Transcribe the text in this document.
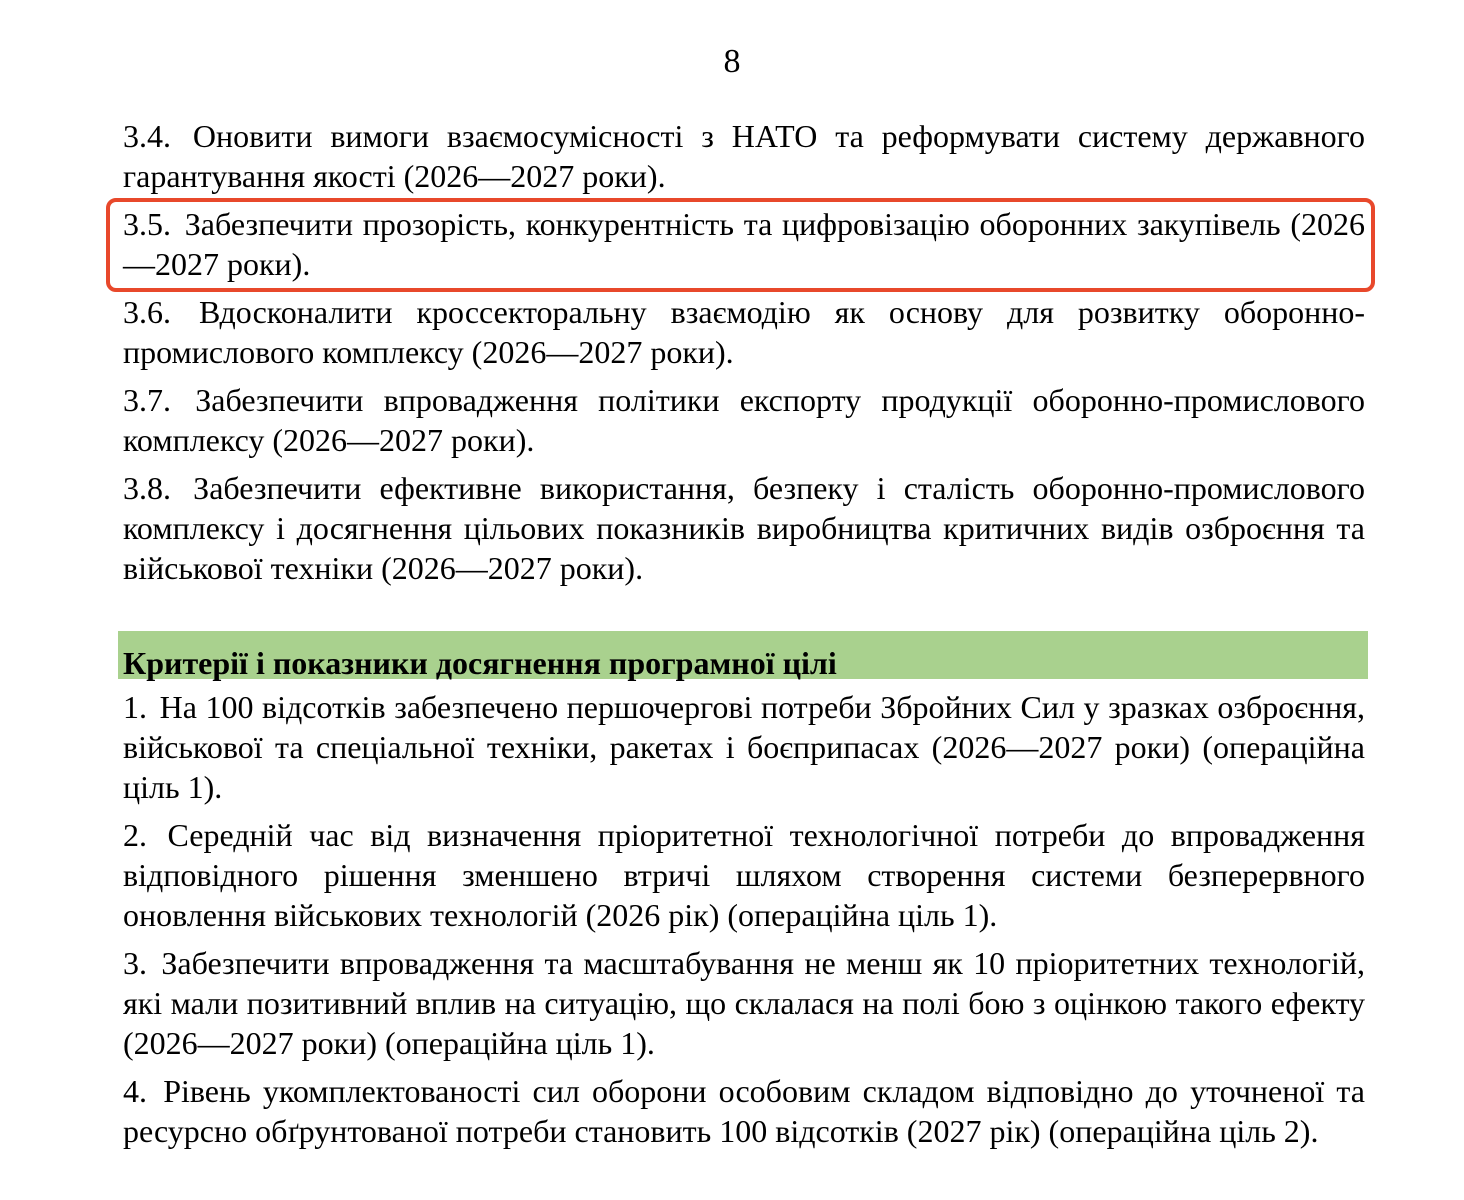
8

3.4. Оновити вимоги взаємосумісності з НАТО та реформувати систему державного гарантування якості (2026—2027 роки).

3.5. Забезпечити прозорість, конкурентність та цифровізацію оборонних закупівель (2026—2027 роки).

3.6. Вдосконалити кроссекторальну взаємодію як основу для розвитку оборонно-промислового комплексу (2026—2027 роки).

3.7. Забезпечити впровадження політики експорту продукції оборонно-промислового комплексу (2026—2027 роки).

3.8. Забезпечити ефективне використання, безпеку і сталість оборонно-промислового комплексу і досягнення цільових показників виробництва критичних видів озброєння та військової техніки (2026—2027 роки).

Критерії і показники досягнення програмної цілі

1. На 100 відсотків забезпечено першочергові потреби Збройних Сил у зразках озброєння, військової та спеціальної техніки, ракетах і боєприпасах (2026—2027 роки) (операційна ціль 1).

2. Середній час від визначення пріоритетної технологічної потреби до впровадження відповідного рішення зменшено втричі шляхом створення системи безперервного оновлення військових технологій (2026 рік) (операційна ціль 1).

3. Забезпечити впровадження та масштабування не менш як 10 пріоритетних технологій, які мали позитивний вплив на ситуацію, що склалася на полі бою з оцінкою такого ефекту (2026—2027 роки) (операційна ціль 1).

4. Рівень укомплектованості сил оборони особовим складом відповідно до уточненої та ресурсно обґрунтованої потреби становить 100 відсотків (2027 рік) (операційна ціль 2).
